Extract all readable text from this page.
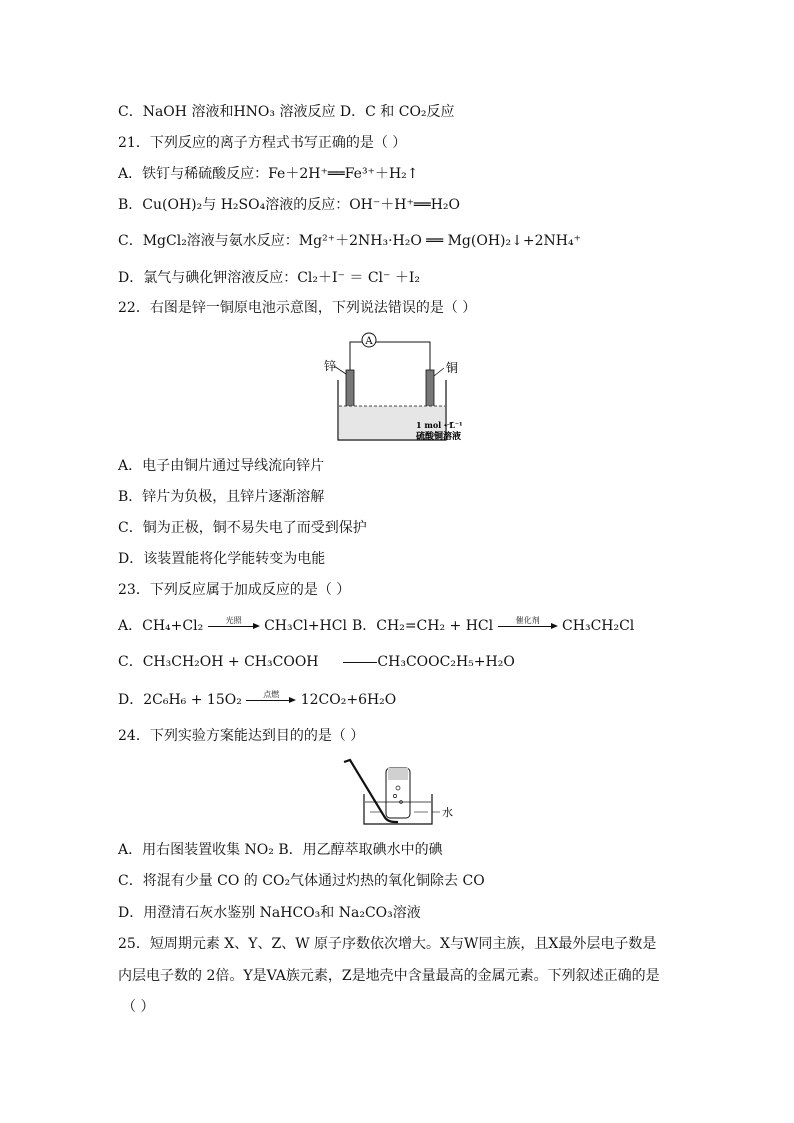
C．NaOH 溶液和HNO₃ 溶液反应 D．C 和 CO₂反应
21．下列反应的离子方程式书写正确的是（ ）
A．铁钉与稀硫酸反应：Fe＋2H⁺══Fe³⁺＋H₂↑
B．Cu(OH)₂与 H₂SO₄溶液的反应：OH⁻＋H⁺══H₂O
C．MgCl₂溶液与氨水反应：Mg²⁺＋2NH₃·H₂O ══ Mg(OH)₂↓+2NH₄⁺
D．氯气与碘化钾溶液反应：Cl₂＋I⁻ ＝ Cl⁻ ＋I₂
22．右图是锌一铜原电池示意图，下列说法错误的是（ ）
A
锌	铜
1 mol・L⁻¹
硫酸铜溶液
A．电子由铜片通过导线流向锌片
B．锌片为负极，且锌片逐渐溶解
C．铜为正极，铜不易失电了而受到保护
D．该装置能将化学能转变为电能
23．下列反应属于加成反应的是（ ）
A．CH₄+Cl₂	光照	CH₃Cl+HCl B．CH₂=CH₂ + HCl	催化剂	CH₃CH₂Cl
C．CH₃CH₂OH + CH₃COOH	CH₃COOC₂H₅+H₂O
D．2C₆H₆ + 15O₂	点燃	12CO₂+6H₂O
24．下列实验方案能达到目的的是（ ）
水
A．用右图装置收集 NO₂ B．用乙醇萃取碘水中的碘
C．将混有少量 CO 的 CO₂气体通过灼热的氧化铜除去 CO
D．用澄清石灰水鉴别 NaHCO₃和 Na₂CO₃溶液
25．短周期元素 X、Y、Z、W 原子序数依次增大。X与W同主族，且X最外层电子数是
内层电子数的 2倍。Y是VA族元素，Z是地壳中含量最高的金属元素。下列叙述正确的是
（ ）
